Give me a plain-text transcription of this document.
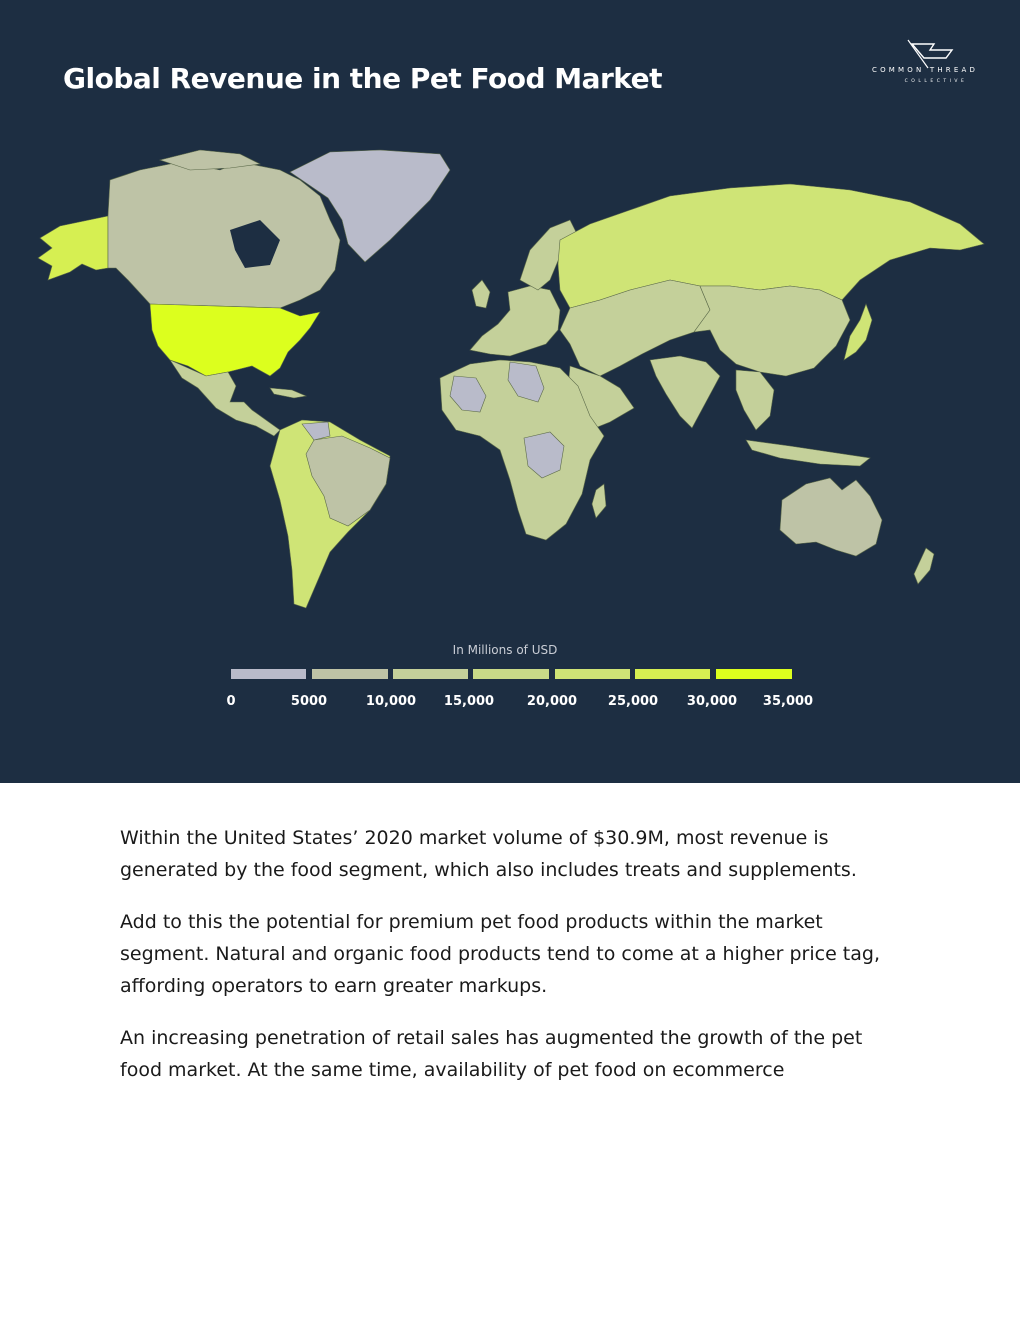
Global Revenue in the Pet Food Market	COMMON THREAD
COLLECTIVE
In Millions of USD
0	5000	10,000 15,000	20,000 25,000 30,000 35,000

Within the United States’ 2020 market volume of $30.9M, most revenue is generated by the food segment, which also includes treats and supplements.

Add to this the potential for premium pet food products within the market segment. Natural and organic food products tend to come at a higher price tag, affording operators to earn greater markups.

An increasing penetration of retail sales has augmented the growth of the pet food market. At the same time, availability of pet food on ecommerce
